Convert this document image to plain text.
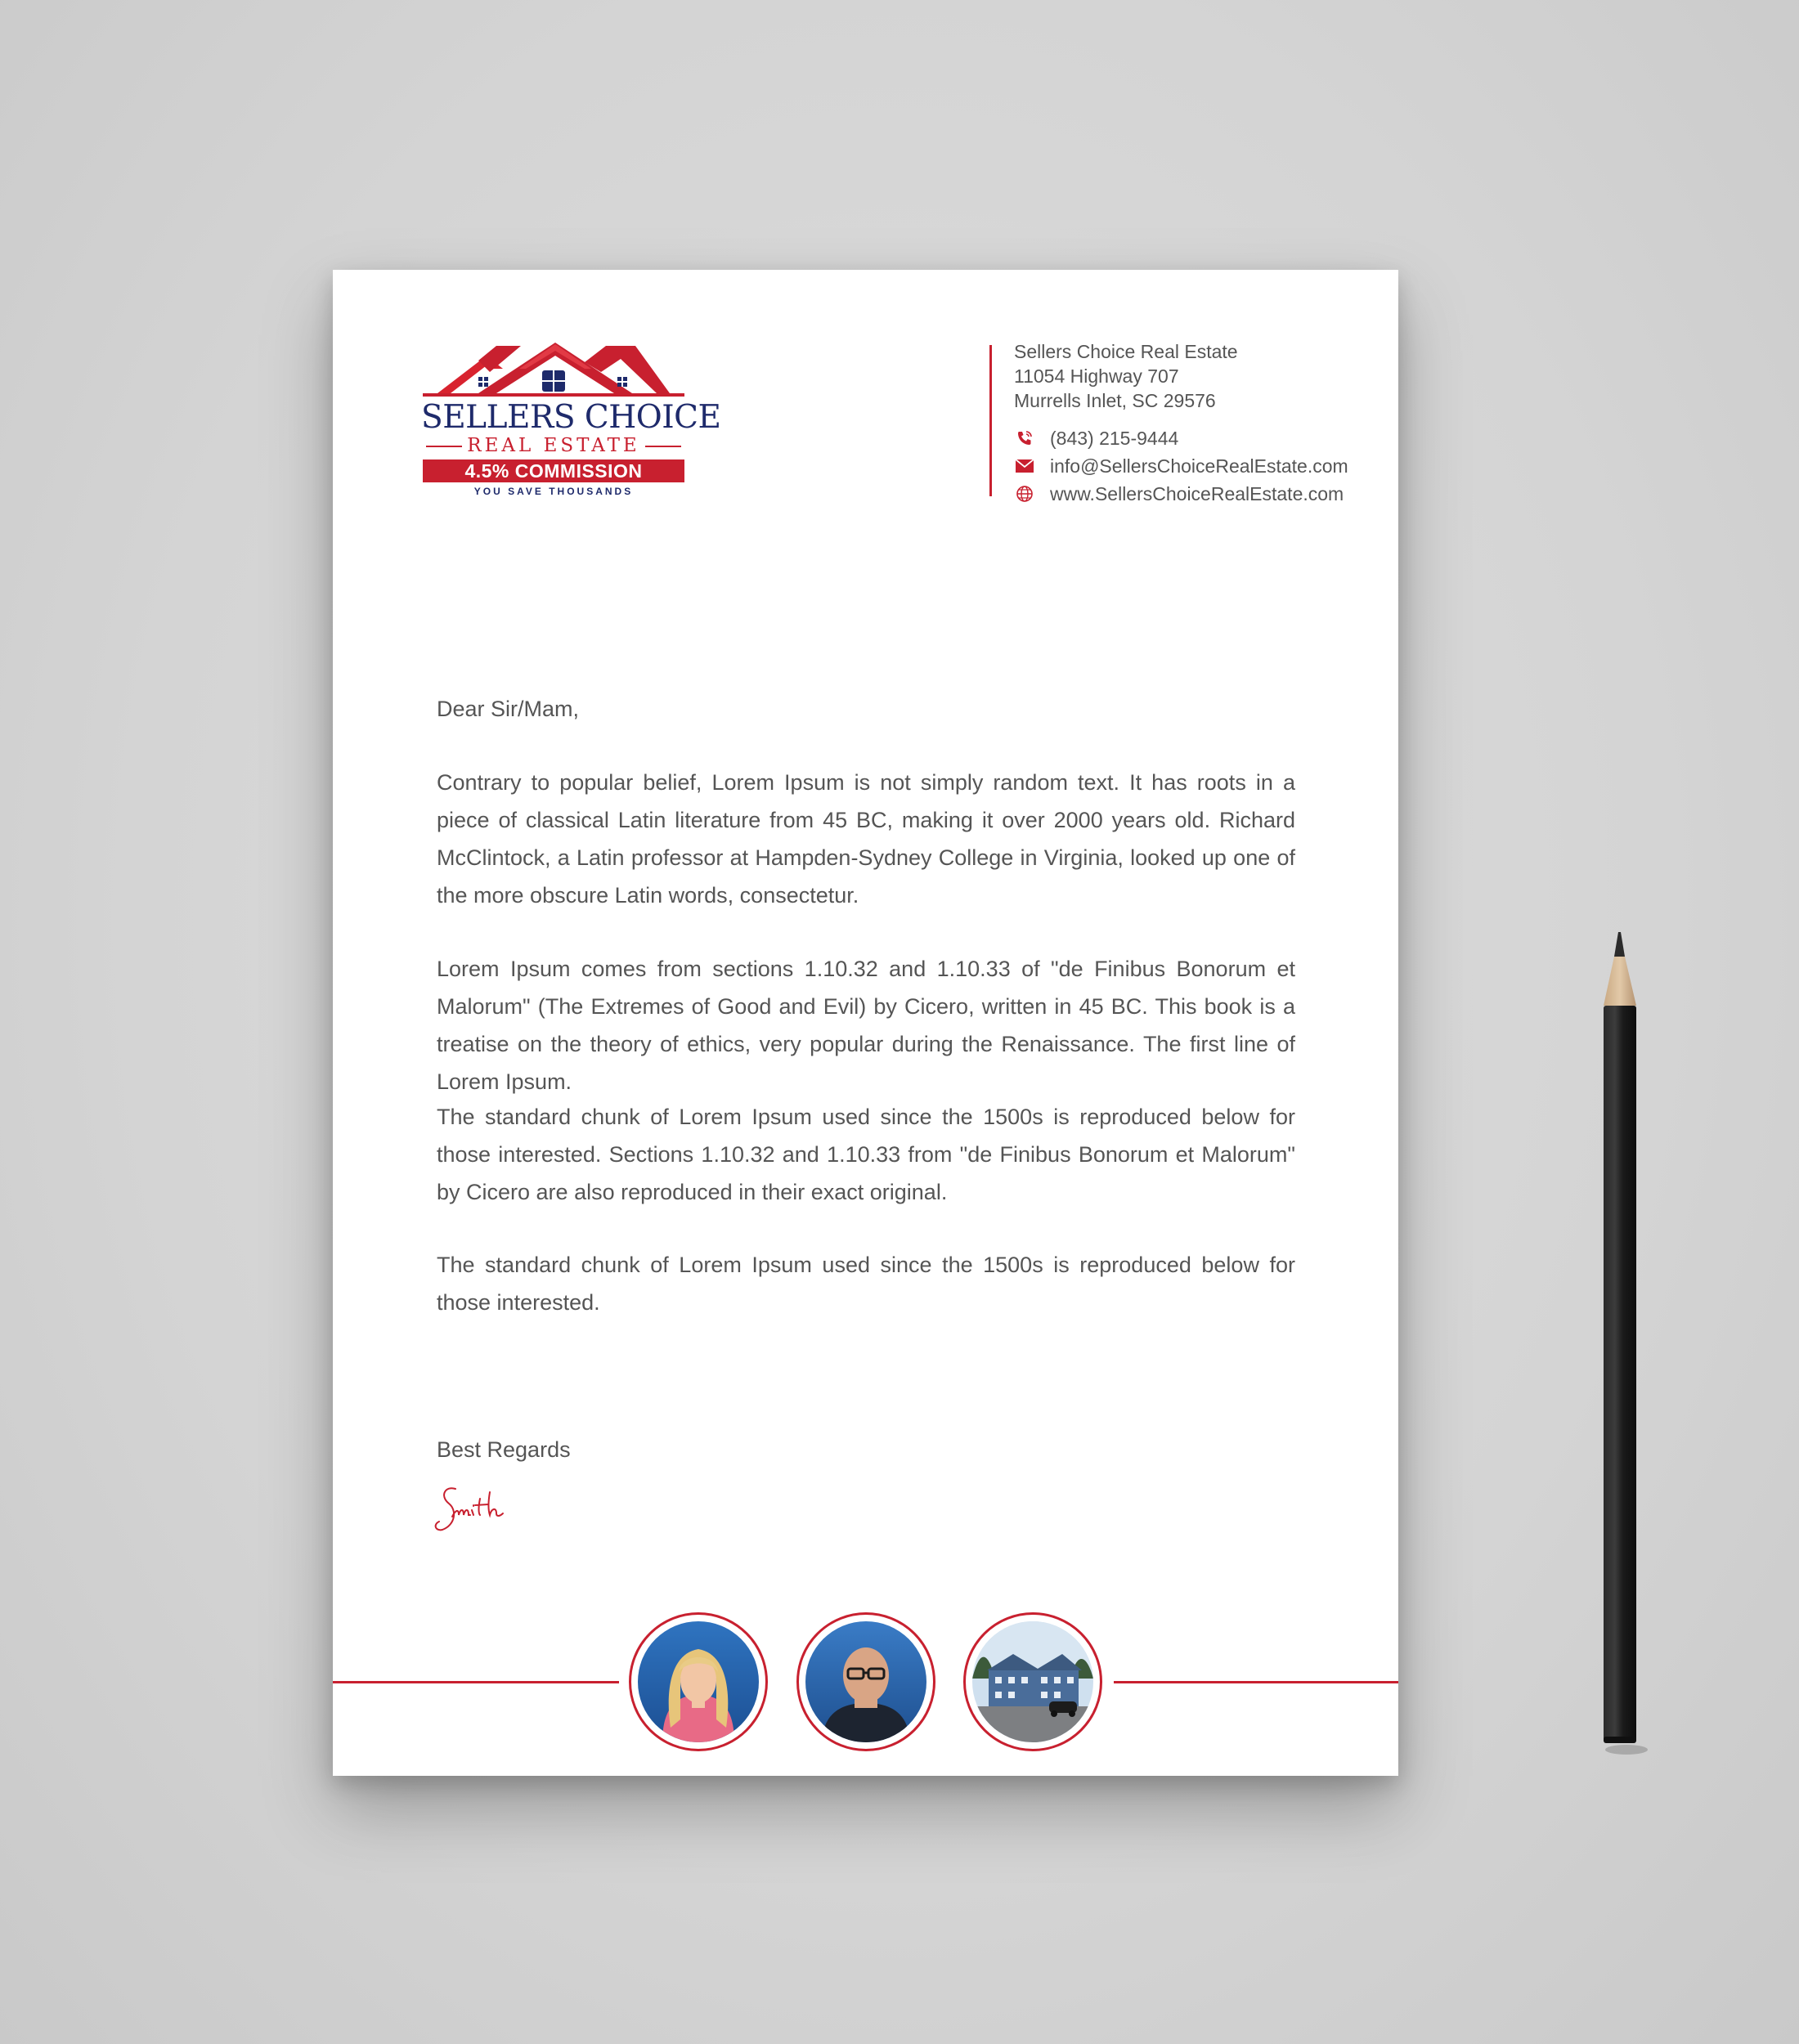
SELLERS CHOICE
REAL ESTATE
4.5% COMMISSION
YOU SAVE THOUSANDS
Sellers Choice Real Estate
11054 Highway 707
Murrells Inlet, SC 29576
(843) 215-9444
info@SellersChoiceRealEstate.com
www.SellersChoiceRealEstate.com
Dear Sir/Mam,

Contrary to popular belief, Lorem Ipsum is not simply random text. It has roots in a piece of classical Latin literature from 45 BC, making it over 2000 years old. Richard McClintock, a Latin professor at Hampden-Sydney College in Virginia, looked up one of the more obscure Latin words, consectetur.

Lorem Ipsum comes from sections 1.10.32 and 1.10.33 of "de Finibus Bonorum et Malorum" (The Extremes of Good and Evil) by Cicero, written in 45 BC. This book is a treatise on the theory of ethics, very popular during the Renaissance. The first line of Lorem Ipsum.

The standard chunk of Lorem Ipsum used since the 1500s is reproduced below for those interested. Sections 1.10.32 and 1.10.33 from "de Finibus Bonorum et Malorum" by Cicero are also reproduced in their exact original.

The standard chunk of Lorem Ipsum used since the 1500s is reproduced below for those interested.

Best Regards
